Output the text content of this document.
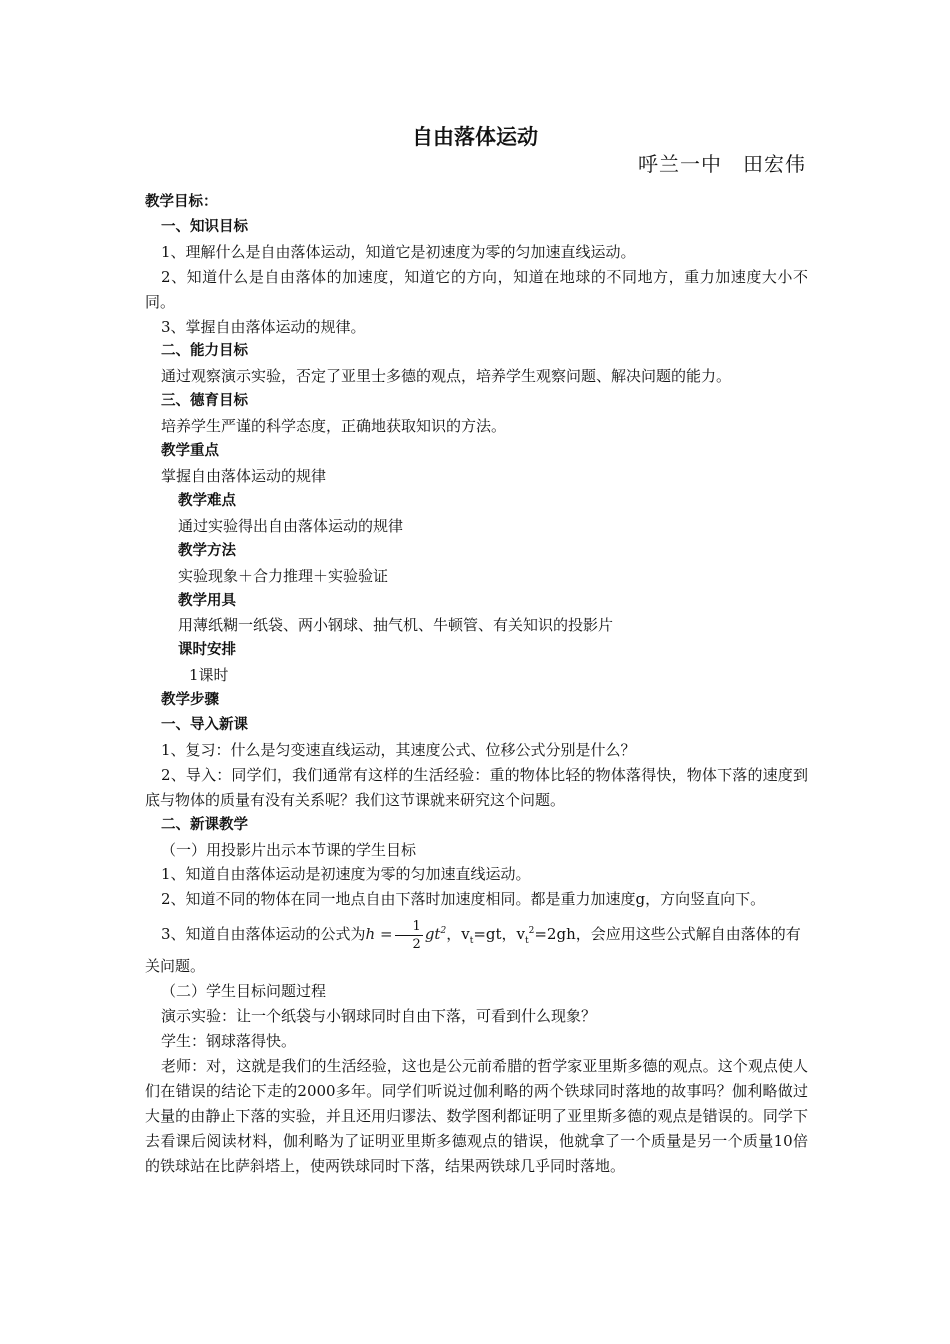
自由落体运动
呼兰一中　田宏伟

教学目标：

一、知识目标

1、理解什么是自由落体运动，知道它是初速度为零的匀加速直线运动。

2、知道什么是自由落体的加速度，知道它的方向，知道在地球的不同地方，重力加速度大小不同。

3、掌握自由落体运动的规律。

二、能力目标

通过观察演示实验，否定了亚里士多德的观点，培养学生观察问题、解决问题的能力。

三、德育目标

培养学生严谨的科学态度，正确地获取知识的方法。

教学重点

掌握自由落体运动的规律

教学难点

通过实验得出自由落体运动的规律

教学方法

实验现象＋合力推理＋实验验证

教学用具

用薄纸糊一纸袋、两小钢球、抽气机、牛顿管、有关知识的投影片

课时安排

1课时

教学步骤

一、导入新课

1、复习：什么是匀变速直线运动，其速度公式、位移公式分别是什么？

2、导入：同学们，我们通常有这样的生活经验：重的物体比轻的物体落得快，物体下落的速度到底与物体的质量有没有关系呢？我们这节课就来研究这个问题。

二、新课教学

（一）用投影片出示本节课的学生目标

1、知道自由落体运动是初速度为零的匀加速直线运动。

2、知道不同的物体在同一地点自由下落时加速度相同。都是重力加速度g，方向竖直向下。

3、知道自由落体运动的公式为$h = \frac{1}{2} gt^2$，$v_t=gt$，$v_t^2=2gh$，会应用这些公式解自由落体的有

关问题。

（二）学生目标问题过程

演示实验：让一个纸袋与小钢球同时自由下落，可看到什么现象？

学生：钢球落得快。

老师：对，这就是我们的生活经验，这也是公元前希腊的哲学家亚里斯多德的观点。这个观点使人们在错误的结论下走的2000多年。同学们听说过伽利略的两个铁球同时落地的故事吗？伽利略做过大量的由静止下落的实验，并且还用归谬法、数学图利都证明了亚里斯多德的观点是错误的。同学下去看课后阅读材料，伽利略为了证明亚里斯多德观点的错误，他就拿了一个质量是另一个质量10倍的铁球站在比萨斜塔上，使两铁球同时下落，结果两铁球几乎同时落地。
